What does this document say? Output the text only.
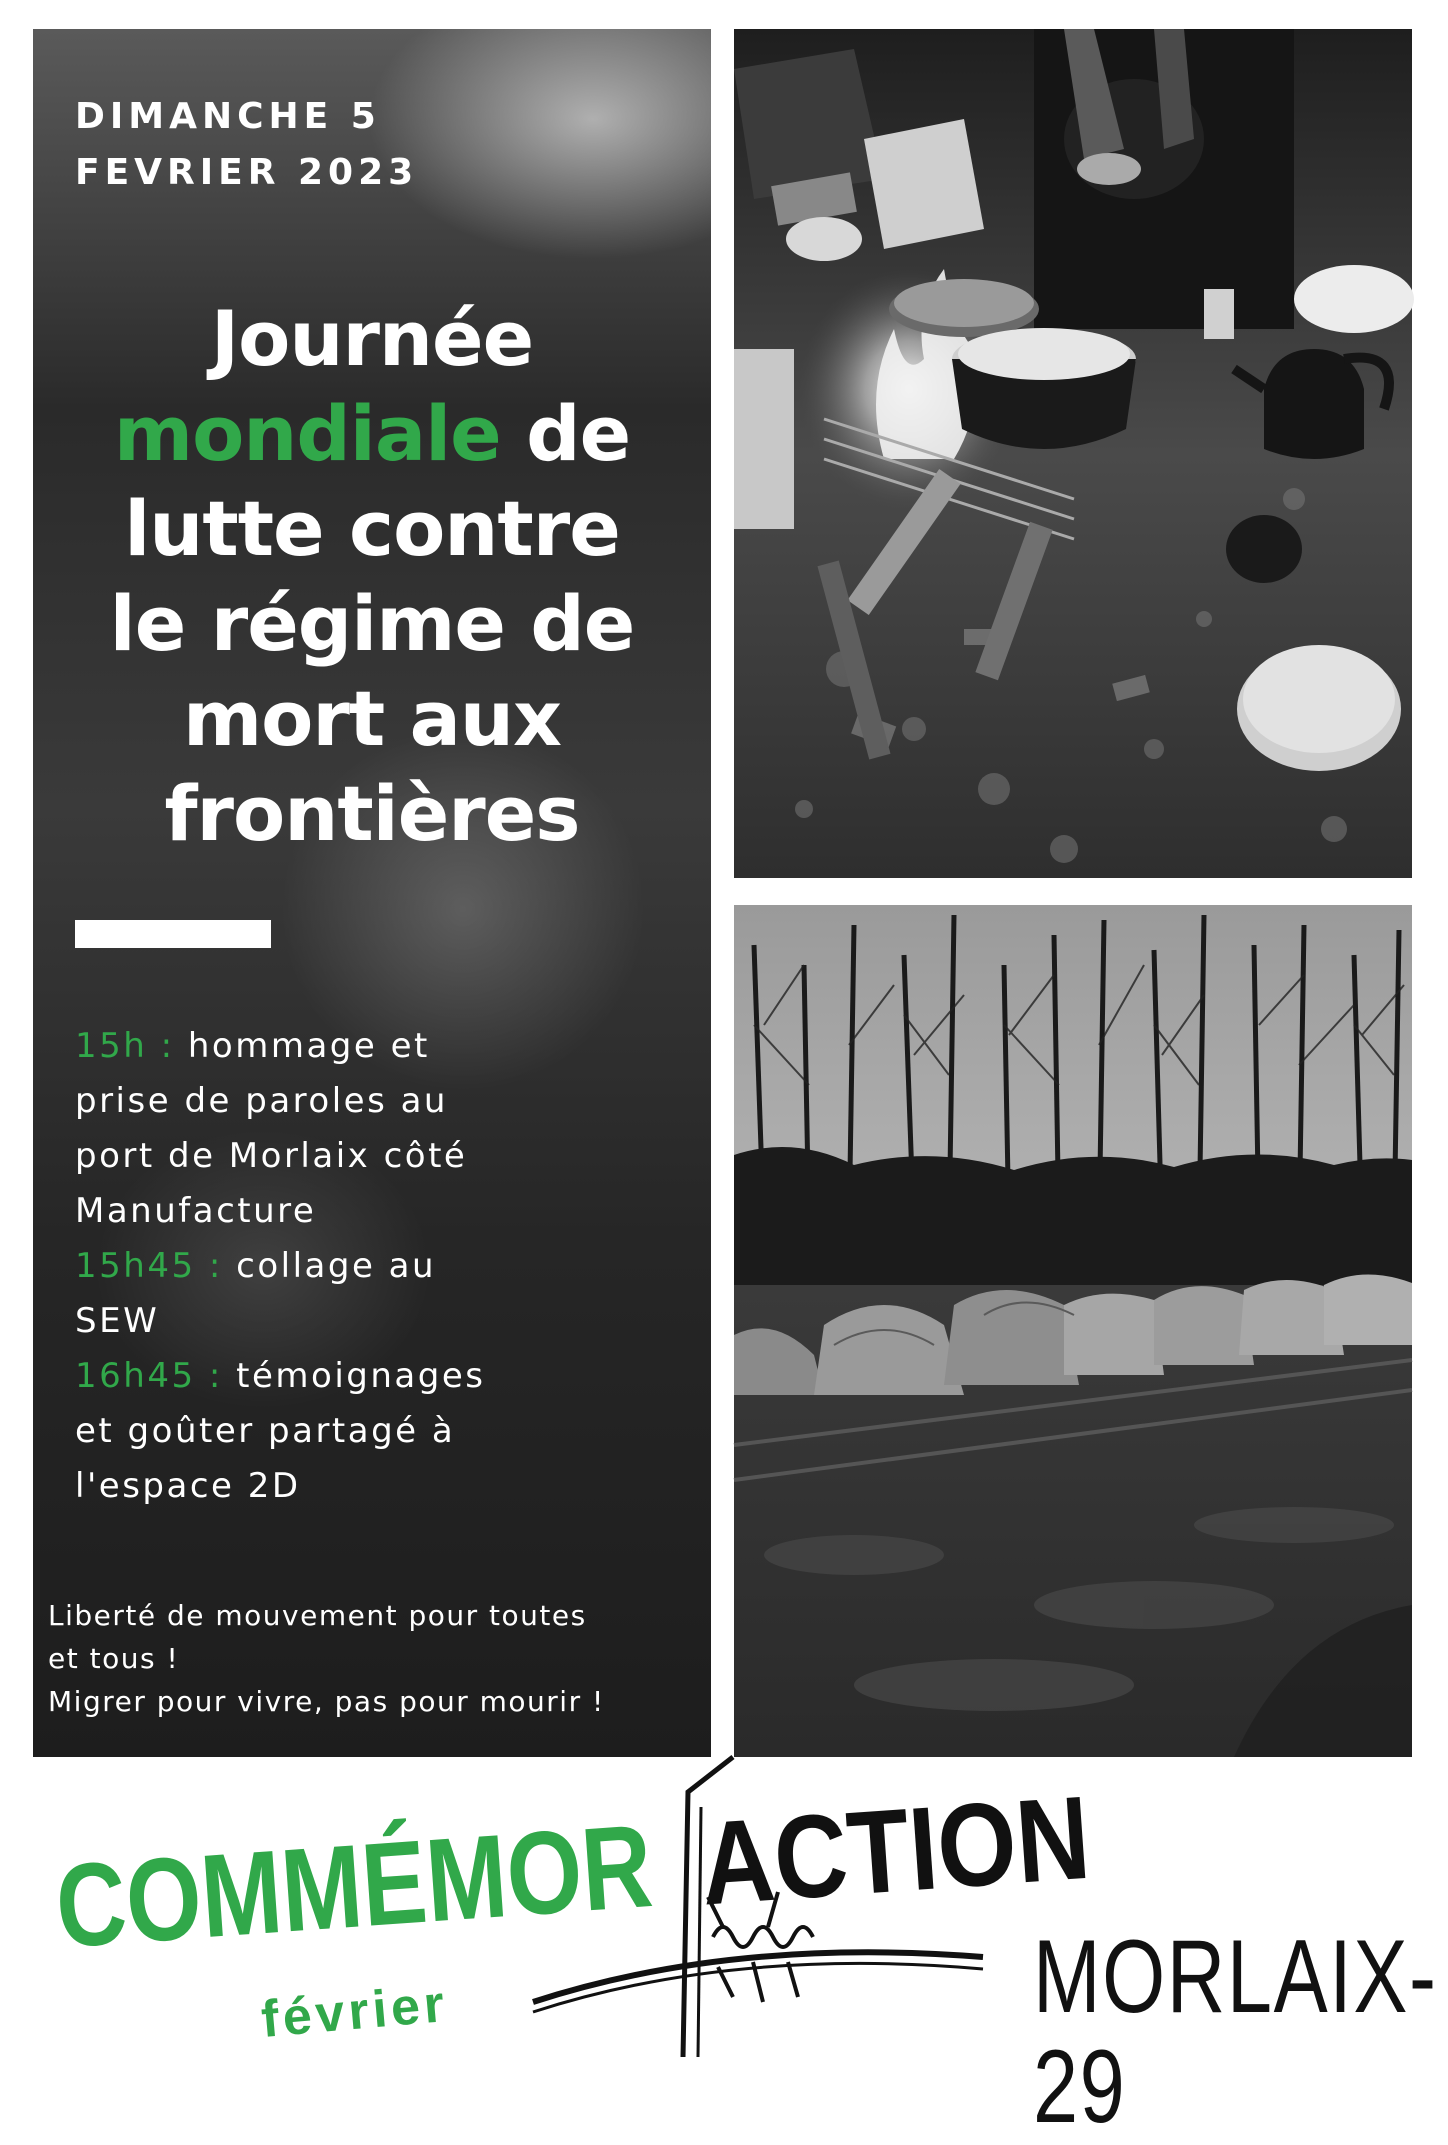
DIMANCHE 5
FEVRIER 2023
Journée
mondiale de
lutte contre
le régime de
mort aux
frontières
15h : hommage et
prise de paroles au
port de Morlaix côté
Manufacture
15h45 : collage au
SEW
16h45 : témoignages
et goûter partagé à
l'espace 2D
Liberté de mouvement pour toutes
et tous !
Migrer pour vivre, pas pour mourir !
COMMÉMOR
février
ACTION
MORLAIX-29
